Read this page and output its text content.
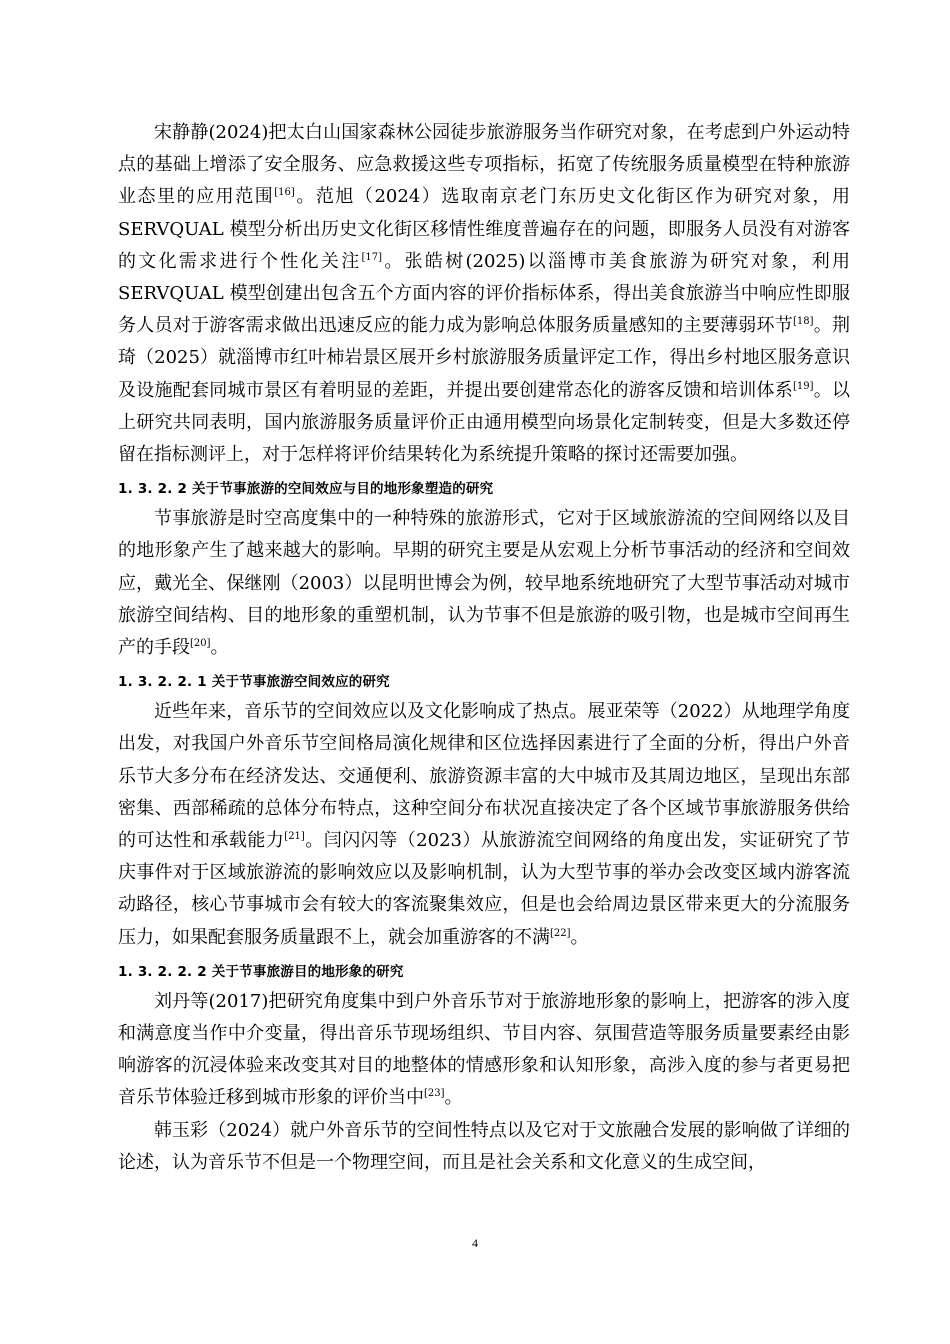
宋静静(2024)把太白山国家森林公园徒步旅游服务当作研究对象，在考虑到户外运动特点的基础上增添了安全服务、应急救援这些专项指标，拓宽了传统服务质量模型在特种旅游业态里的应用范围[16]。范旭（2024）选取南京老门东历史文化街区作为研究对象，用 SERVQUAL 模型分析出历史文化街区移情性维度普遍存在的问题，即服务人员没有对游客的文化需求进行个性化关注[17]。张皓树(2025)以淄博市美食旅游为研究对象，利用 SERVQUAL 模型创建出包含五个方面内容的评价指标体系，得出美食旅游当中响应性即服务人员对于游客需求做出迅速反应的能力成为影响总体服务质量感知的主要薄弱环节[18]。荆琦（2025）就淄博市红叶柿岩景区展开乡村旅游服务质量评定工作，得出乡村地区服务意识及设施配套同城市景区有着明显的差距，并提出要创建常态化的游客反馈和培训体系[19]。以上研究共同表明，国内旅游服务质量评价正由通用模型向场景化定制转变，但是大多数还停留在指标测评上，对于怎样将评价结果转化为系统提升策略的探讨还需要加强。

1. 3. 2. 2 关于节事旅游的空间效应与目的地形象塑造的研究

节事旅游是时空高度集中的一种特殊的旅游形式，它对于区域旅游流的空间网络以及目的地形象产生了越来越大的影响。早期的研究主要是从宏观上分析节事活动的经济和空间效应，戴光全、保继刚（2003）以昆明世博会为例，较早地系统地研究了大型节事活动对城市旅游空间结构、目的地形象的重塑机制，认为节事不但是旅游的吸引物，也是城市空间再生产的手段[20]。

1. 3. 2. 2. 1 关于节事旅游空间效应的研究

近些年来，音乐节的空间效应以及文化影响成了热点。展亚荣等（2022）从地理学角度出发，对我国户外音乐节空间格局演化规律和区位选择因素进行了全面的分析，得出户外音乐节大多分布在经济发达、交通便利、旅游资源丰富的大中城市及其周边地区，呈现出东部密集、西部稀疏的总体分布特点，这种空间分布状况直接决定了各个区域节事旅游服务供给的可达性和承载能力[21]。闫闪闪等（2023）从旅游流空间网络的角度出发，实证研究了节庆事件对于区域旅游流的影响效应以及影响机制，认为大型节事的举办会改变区域内游客流动路径，核心节事城市会有较大的客流聚集效应，但是也会给周边景区带来更大的分流服务压力，如果配套服务质量跟不上，就会加重游客的不满[22]。

1. 3. 2. 2. 2 关于节事旅游目的地形象的研究

刘丹等(2017)把研究角度集中到户外音乐节对于旅游地形象的影响上，把游客的涉入度和满意度当作中介变量，得出音乐节现场组织、节目内容、氛围营造等服务质量要素经由影响游客的沉浸体验来改变其对目的地整体的情感形象和认知形象，高涉入度的参与者更易把音乐节体验迁移到城市形象的评价当中[23]。

韩玉彩（2024）就户外音乐节的空间性特点以及它对于文旅融合发展的影响做了详细的论述，认为音乐节不但是一个物理空间，而且是社会关系和文化意义的生成空间，

4
